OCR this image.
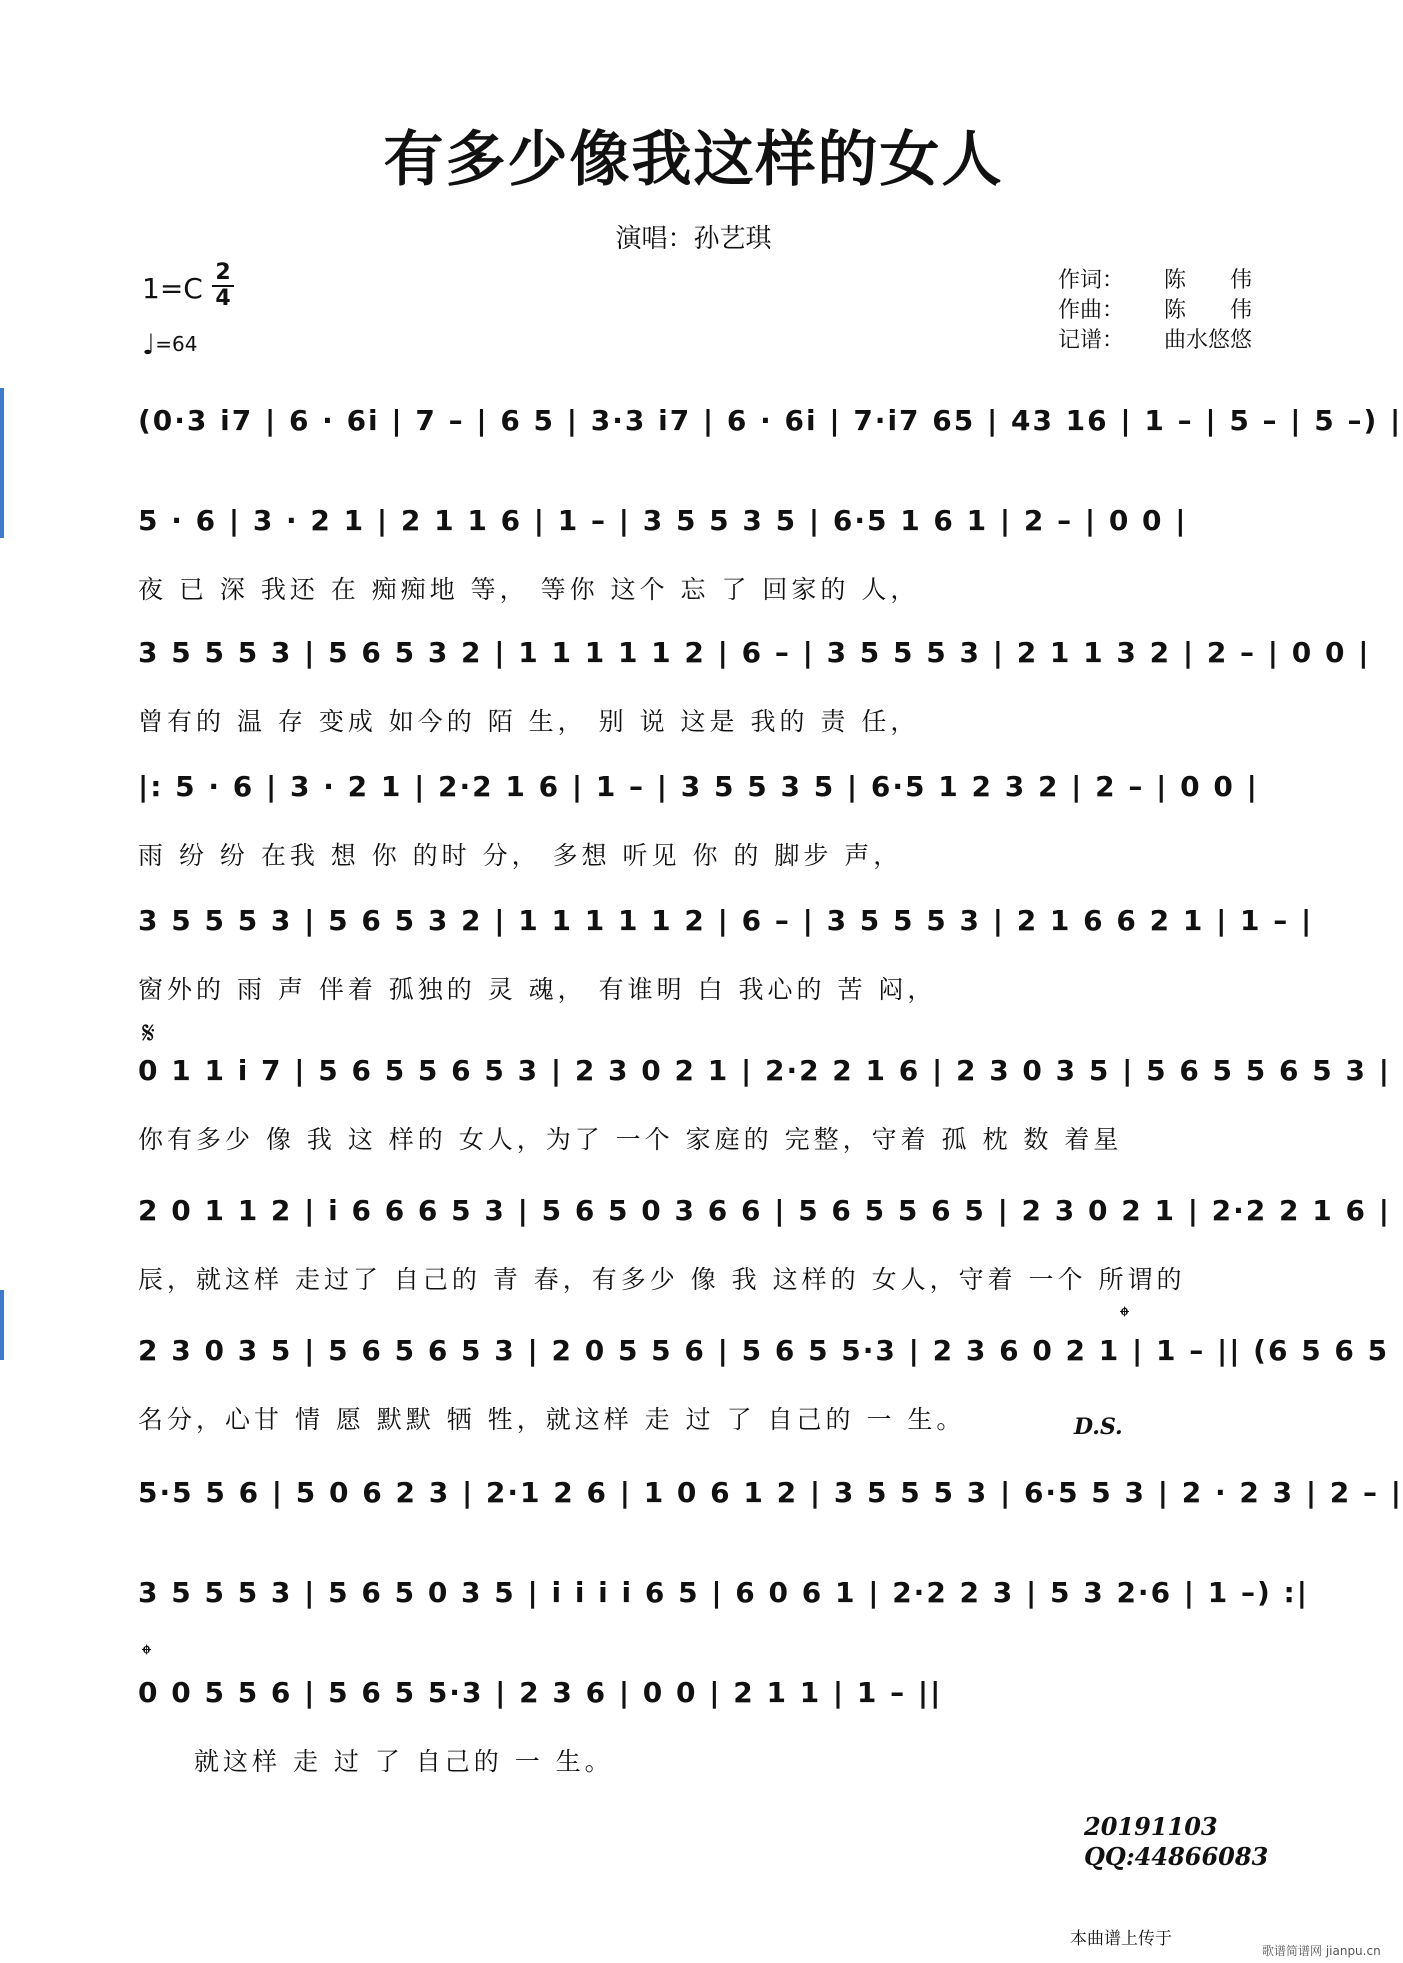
有多少像我这样的女人
演唱：孙艺琪
1=C 2
4
♩=64
作词： 陈　　伟
作曲： 陈　　伟
记谱： 曲水悠悠
(0·3 i7 | 6 · 6i | 7 – | 6 5 | 3·3 i7 | 6 · 6i | 7·i7 65 | 43 16 | 1 – | 5 – | 5 –) |
5 · 6 | 3 · 2 1 | 2 1 1 6 | 1 – | 3 5 5 3 5 | 6·5 1 6 1 | 2 – | 0 0 |
夜 已 深 我还 在 痴痴地 等， 等你 这个 忘 了 回家的 人，
3 5 5 5 3 | 5 6 5 3 2 | 1 1 1 1 1 2 | 6 – | 3 5 5 5 3 | 2 1 1 3 2 | 2 – | 0 0 |
曾有的 温 存 变成 如今的 陌 生， 别 说 这是 我的 责 任，
|: 5 · 6 | 3 · 2 1 | 2·2 1 6 | 1 – | 3 5 5 3 5 | 6·5 1 2 3 2 | 2 – | 0 0 |
雨 纷 纷 在我 想 你 的时 分， 多想 听见 你 的 脚步 声，
3 5 5 5 3 | 5 6 5 3 2 | 1 1 1 1 1 2 | 6 – | 3 5 5 5 3 | 2 1 6 6 2 1 | 1 – |
窗外的 雨 声 伴着 孤独的 灵 魂， 有谁明 白 我心的 苦 闷，
𝄋
0 1 1 i 7 | 5 6 5 5 6 5 3 | 2 3 0 2 1 | 2·2 2 1 6 | 2 3 0 3 5 | 5 6 5 5 6 5 3 |
你有多少 像 我 这 样的 女人，为了 一个 家庭的 完整，守着 孤 枕 数 着星
2 0 1 1 2 | i 6 6 6 5 3 | 5 6 5 0 3 6 6 | 5 6 5 5 6 5 | 2 3 0 2 1 | 2·2 2 1 6 |
辰，就这样 走过了 自己的 青 春，有多少 像 我 这样的 女人，守着 一个 所谓的
𝄌
2 3 0 3 5 | 5 6 5 6 5 3 | 2 0 5 5 6 | 5 6 5 5·3 | 2 3 6 0 2 1 | 1 – || (6 5 6 5
名分，心甘 情 愿 默默 牺 牲，就这样 走 过 了 自己的 一 生。	D.S.
5·5 5 6 | 5 0 6 2 3 | 2·1 2 6 | 1 0 6 1 2 | 3 5 5 5 3 | 6·5 5 3 | 2 · 2 3 | 2 – |
3 5 5 5 3 | 5 6 5 0 3 5 | i i i i 6 5 | 6 0 6 1 | 2·2 2 3 | 5 3 2·6 | 1 –) :|
𝄌
0 0 5 5 6 | 5 6 5 5·3 | 2 3 6 | 0 0 | 2 1 1 | 1 – ||
就这样 走 过 了 自己的 一 生。
20191103
QQ:44866083
本曲谱上传于
歌谱简谱网 jianpu.cn
